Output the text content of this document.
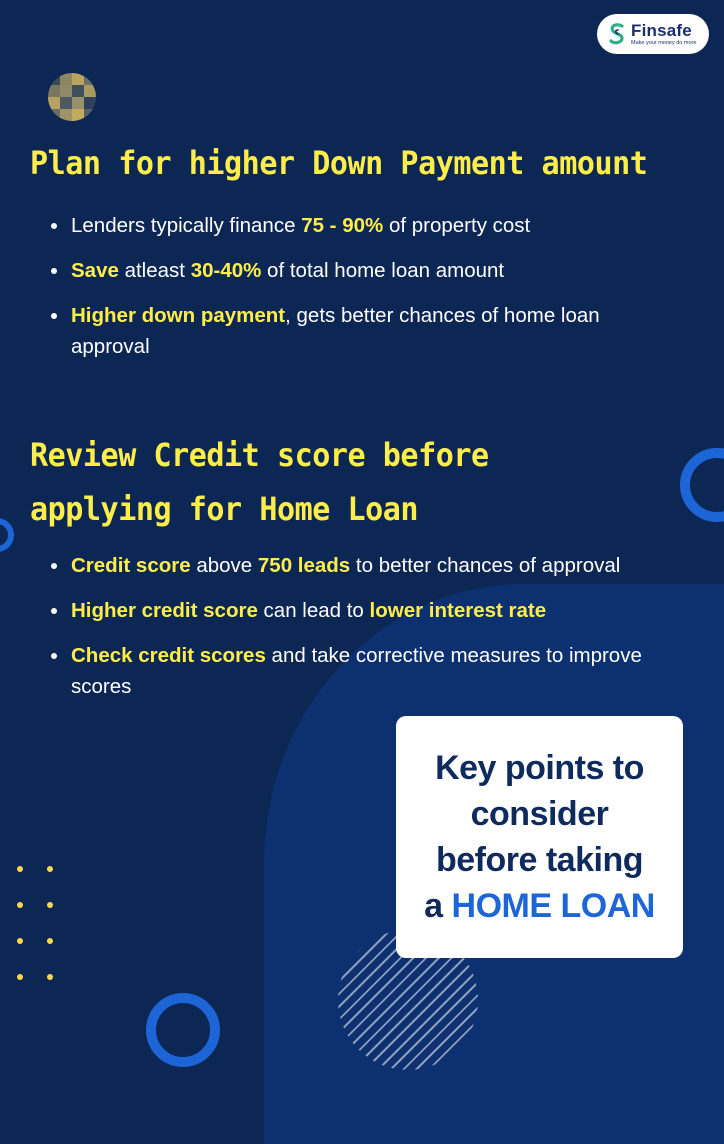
Finsafe
Make your money do more
Plan for higher Down Payment amount
Lenders typically finance 75 - 90% of property cost
Save atleast 30-40% of total home loan amount
Higher down payment, gets better chances of home loan approval
Review Credit score before applying for Home Loan
Credit score above 750 leads to better chances of approval
Higher credit score can lead to lower interest rate
Check credit scores and take corrective measures to improve scores
Key points to
consider
before taking
a HOME LOAN
